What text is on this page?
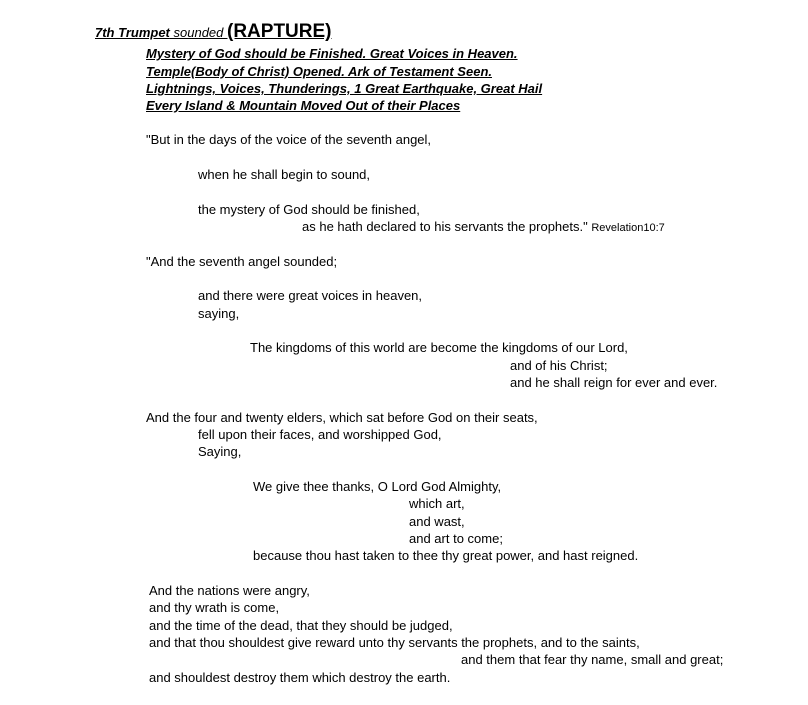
7th Trumpet sounded (RAPTURE)
Mystery of God should be Finished. Great Voices in Heaven.
Temple(Body of Christ) Opened. Ark of Testament Seen.
Lightnings, Voices, Thunderings, 1 Great Earthquake, Great Hail
Every Island & Mountain Moved Out of their Places
"But in the days of the voice of the seventh angel,
when he shall begin to sound,
the mystery of God should be finished,
as he hath declared to his servants the prophets." Revelation10:7
"And the seventh angel sounded;
and there were great voices in heaven,
saying,
The kingdoms of this world are become the kingdoms of our Lord,
and of his Christ;
and he shall reign for ever and ever.
And the four and twenty elders, which sat before God on their seats,
fell upon their faces, and worshipped God,
Saying,
We give thee thanks, O Lord God Almighty,
which art,
and wast,
and art to come;
because thou hast taken to thee thy great power, and hast reigned.
And the nations were angry,
and thy wrath is come,
and the time of the dead, that they should be judged,
and that thou shouldest give reward unto thy servants the prophets, and to the saints,
and them that fear thy name, small and great;
and shouldest destroy them which destroy the earth.
